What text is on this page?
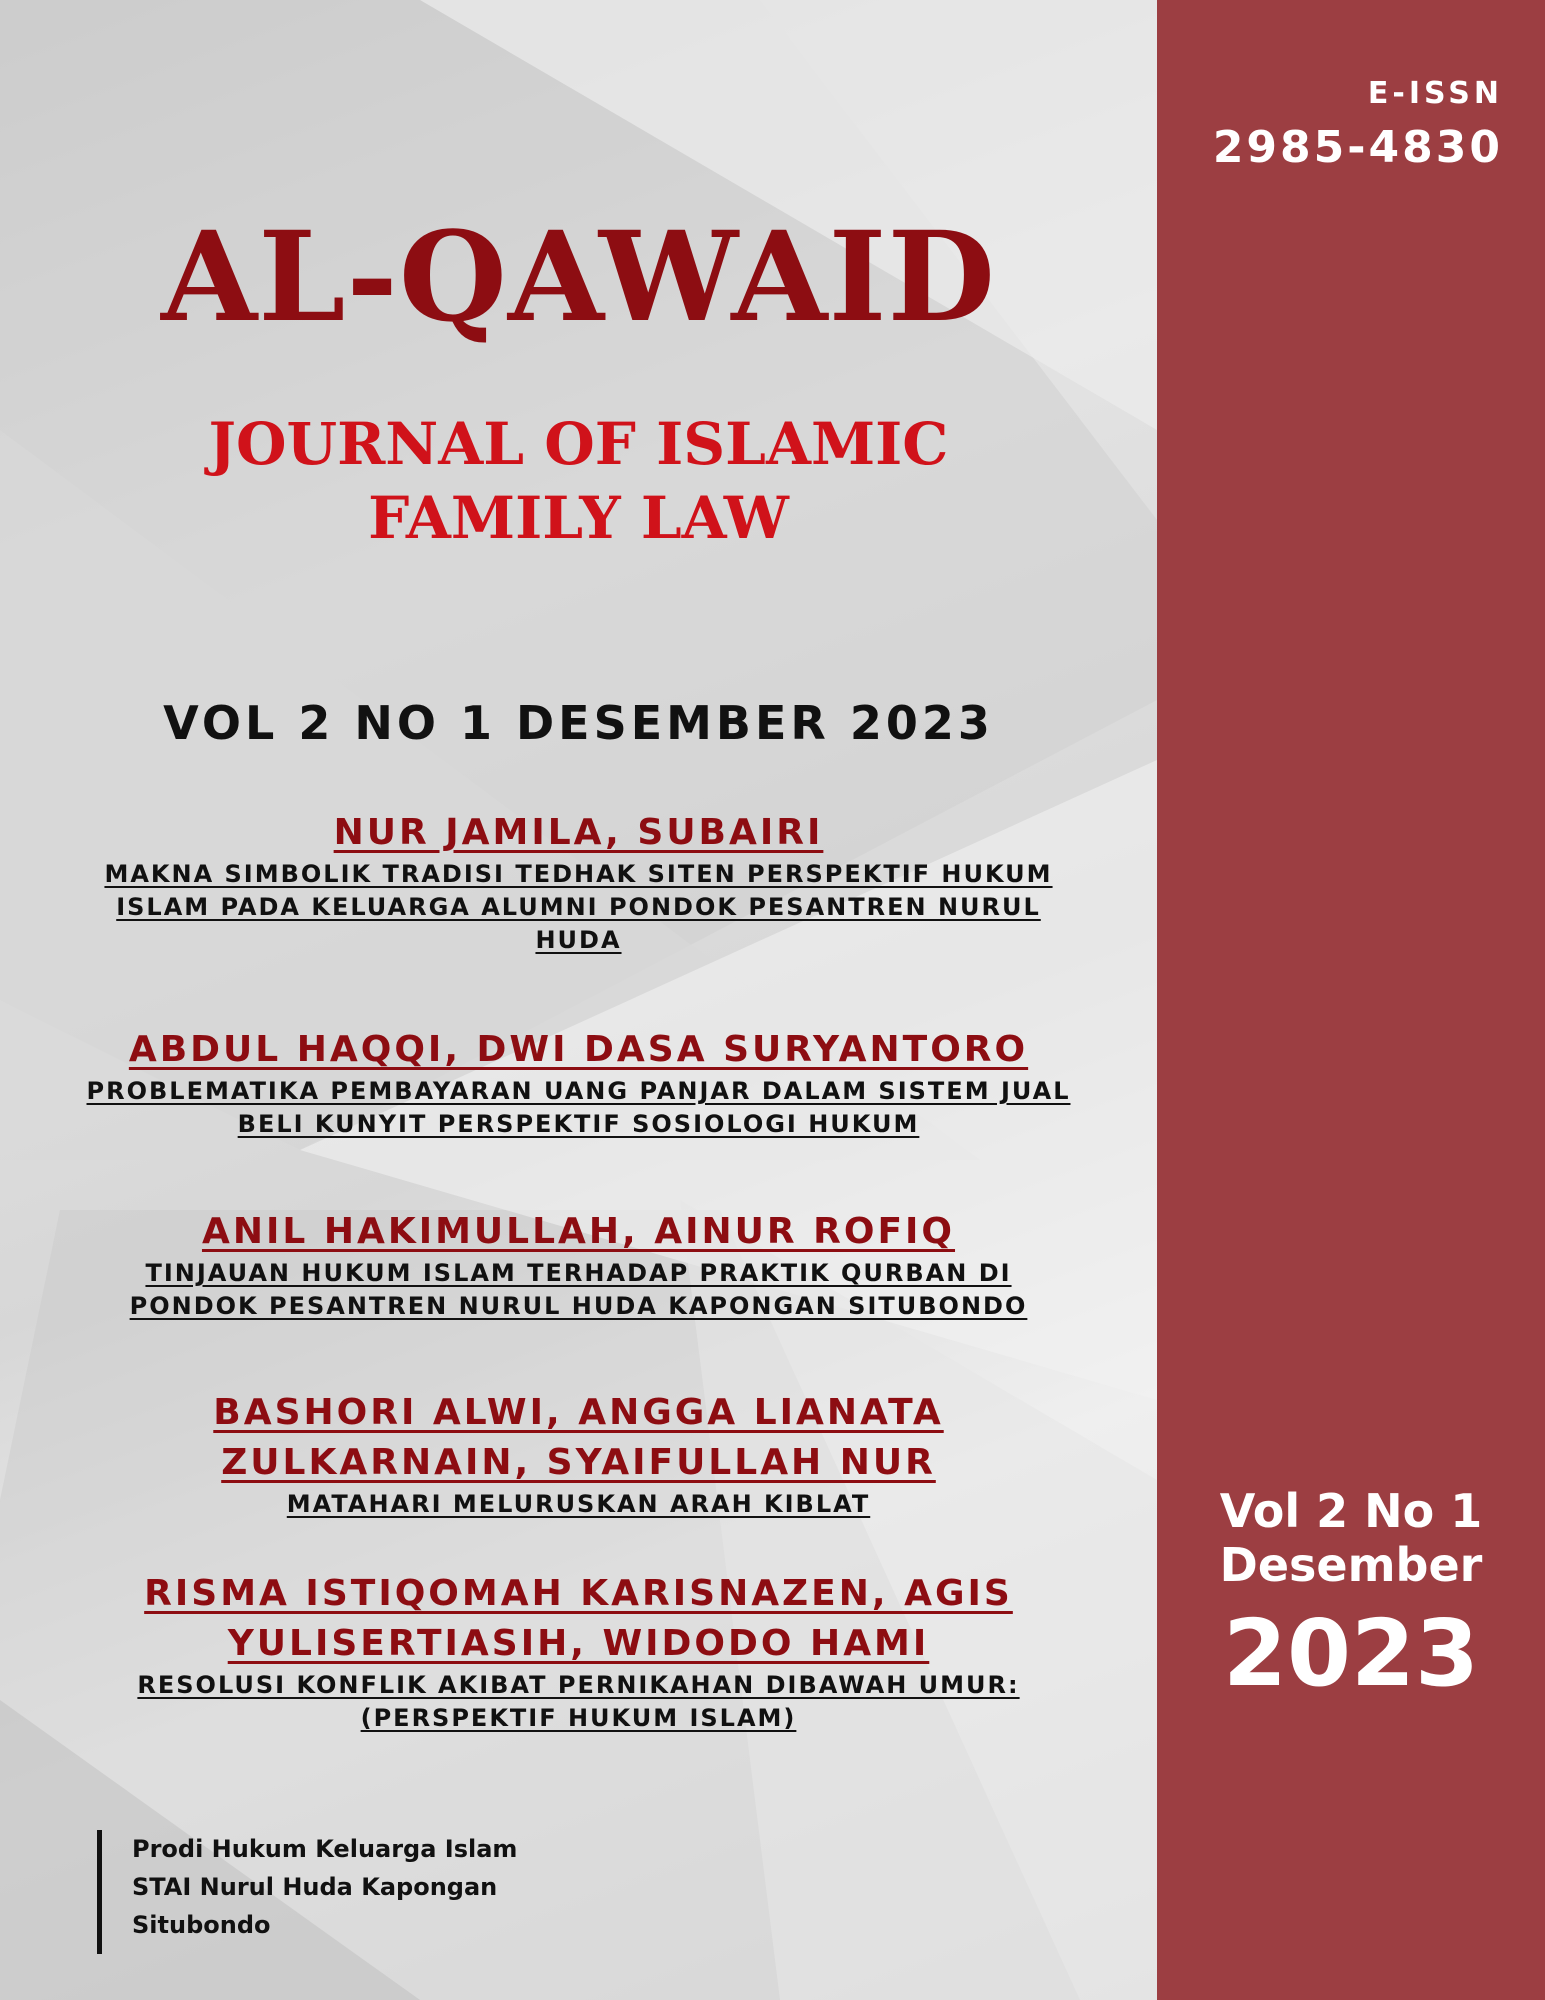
E-ISSN
2985-4830
AL-QAWAID
JOURNAL OF ISLAMIC
FAMILY LAW
VOL 2 NO 1 DESEMBER 2023
NUR JAMILA, SUBAIRI
MAKNA SIMBOLIK TRADISI TEDHAK SITEN PERSPEKTIF HUKUM
ISLAM PADA KELUARGA ALUMNI PONDOK PESANTREN NURUL
HUDA
ABDUL HAQQI, DWI DASA SURYANTORO
PROBLEMATIKA PEMBAYARAN UANG PANJAR DALAM SISTEM JUAL
BELI KUNYIT PERSPEKTIF SOSIOLOGI HUKUM
ANIL HAKIMULLAH, AINUR ROFIQ
TINJAUAN HUKUM ISLAM TERHADAP PRAKTIK QURBAN DI
PONDOK PESANTREN NURUL HUDA KAPONGAN SITUBONDO
BASHORI ALWI, ANGGA LIANATA
ZULKARNAIN, SYAIFULLAH NUR
MATAHARI MELURUSKAN ARAH KIBLAT
RISMA ISTIQOMAH KARISNAZEN, AGIS
YULISERTIASIH, WIDODO HAMI
RESOLUSI KONFLIK AKIBAT PERNIKAHAN DIBAWAH UMUR:
(PERSPEKTIF HUKUM ISLAM)
Vol 2 No 1
Desember
2023
Prodi Hukum Keluarga Islam
STAI Nurul Huda Kapongan
Situbondo
